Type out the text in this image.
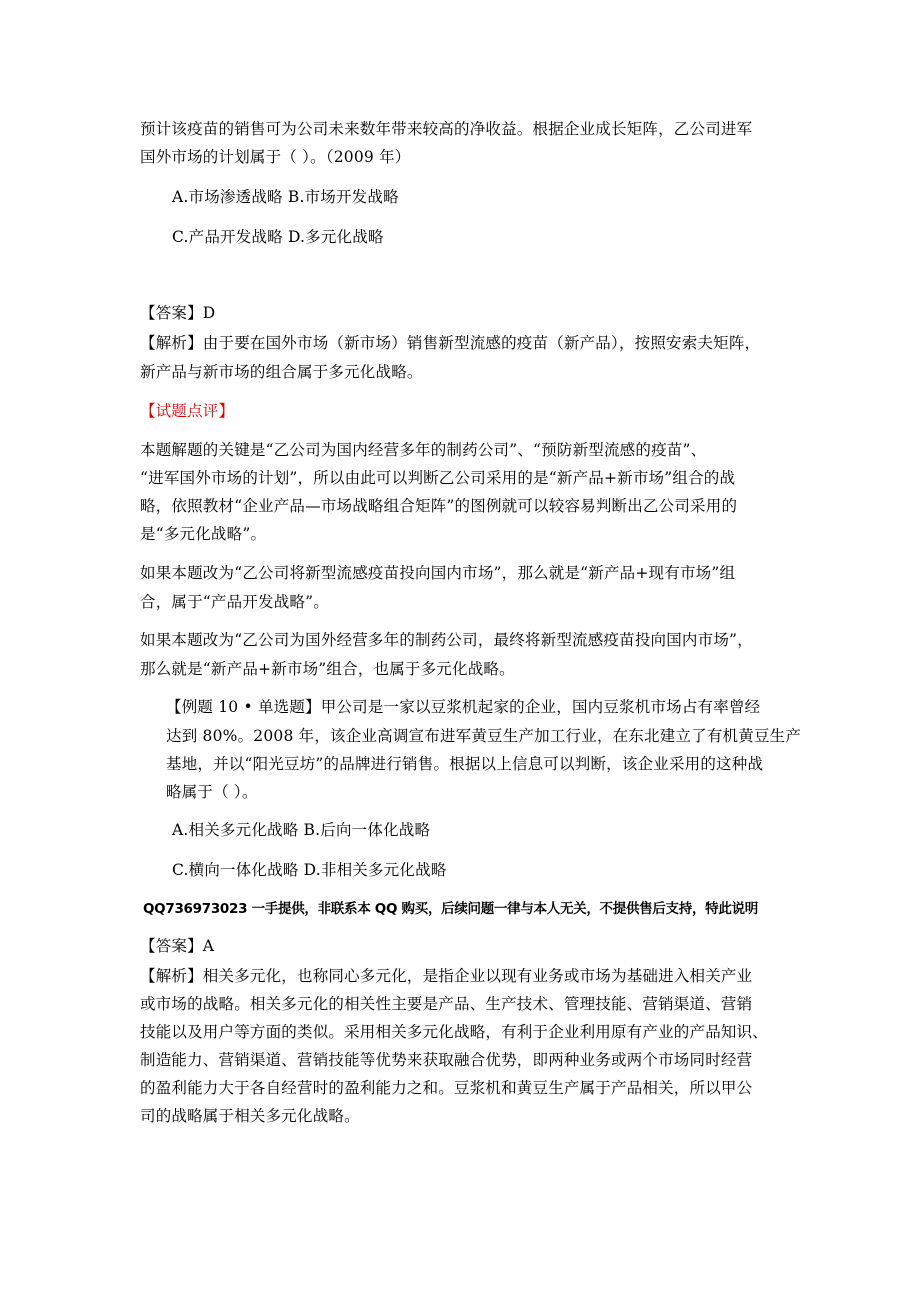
预计该疫苗的销售可为公司未来数年带来较高的净收益。根据企业成长矩阵，乙公司进军
国外市场的计划属于（ ）。（2009 年）
A.市场渗透战略 B.市场开发战略
C.产品开发战略 D.多元化战略
【答案】D
【解析】由于要在国外市场（新市场）销售新型流感的疫苗（新产品），按照安索夫矩阵，
新产品与新市场的组合属于多元化战略。
【试题点评】
本题解题的关键是“乙公司为国内经营多年的制药公司”、“预防新型流感的疫苗”、
“进军国外市场的计划”，所以由此可以判断乙公司采用的是“新产品+新市场”组合的战
略，依照教材“企业产品—市场战略组合矩阵”的图例就可以较容易判断出乙公司采用的
是“多元化战略”。
如果本题改为“乙公司将新型流感疫苗投向国内市场”，那么就是“新产品+现有市场”组
合，属于“产品开发战略”。
如果本题改为“乙公司为国外经营多年的制药公司，最终将新型流感疫苗投向国内市场”，
那么就是“新产品+新市场”组合，也属于多元化战略。
【例题 10 • 单选题】甲公司是一家以豆浆机起家的企业，国内豆浆机市场占有率曾经
达到 80%。2008 年，该企业高调宣布进军黄豆生产加工行业，在东北建立了有机黄豆生产
基地，并以“阳光豆坊”的品牌进行销售。根据以上信息可以判断，该企业采用的这种战
略属于（ ）。
A.相关多元化战略 B.后向一体化战略
C.横向一体化战略 D.非相关多元化战略
QQ736973023 一手提供，非联系本 QQ 购买，后续问题一律与本人无关，不提供售后支持，特此说明
【答案】A
【解析】相关多元化，也称同心多元化，是指企业以现有业务或市场为基础进入相关产业
或市场的战略。相关多元化的相关性主要是产品、生产技术、管理技能、营销渠道、营销
技能以及用户等方面的类似。采用相关多元化战略，有利于企业利用原有产业的产品知识、
制造能力、营销渠道、营销技能等优势来获取融合优势，即两种业务或两个市场同时经营
的盈利能力大于各自经营时的盈利能力之和。豆浆机和黄豆生产属于产品相关，所以甲公
司的战略属于相关多元化战略。
